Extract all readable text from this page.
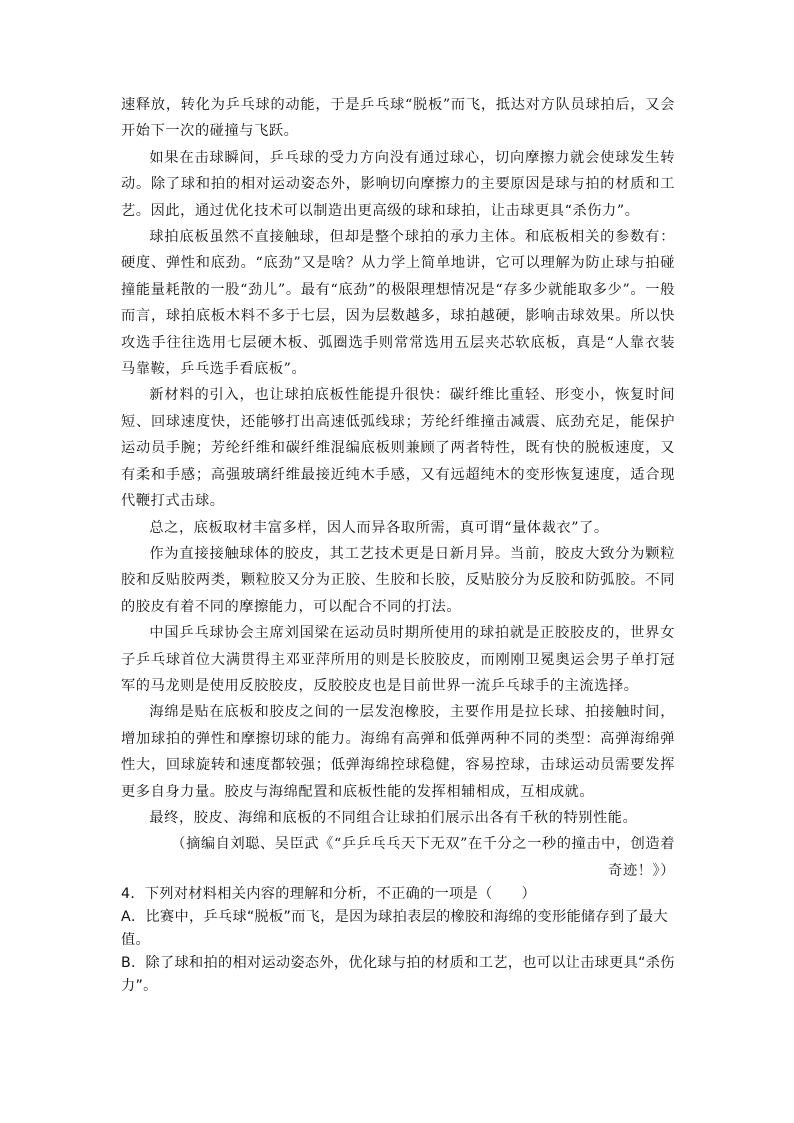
速释放，转化为乒乓球的动能，于是乒乓球“脱板”而飞，抵达对方队员球拍后，又会开始下一次的碰撞与飞跃。

如果在击球瞬间，乒乓球的受力方向没有通过球心，切向摩擦力就会使球发生转动。除了球和拍的相对运动姿态外，影响切向摩擦力的主要原因是球与拍的材质和工艺。因此，通过优化技术可以制造出更高级的球和球拍，让击球更具“杀伤力”。

球拍底板虽然不直接触球，但却是整个球拍的承力主体。和底板相关的参数有：硬度、弹性和底劲。“底劲”又是啥？从力学上简单地讲，它可以理解为防止球与拍碰撞能量耗散的一股“劲儿”。最有“底劲”的极限理想情况是“存多少就能取多少”。一般而言，球拍底板木料不多于七层，因为层数越多，球拍越硬，影响击球效果。所以快攻选手往往选用七层硬木板、弧圈选手则常常选用五层夹芯软底板，真是“人靠衣装马靠鞍，乒乓选手看底板”。

新材料的引入，也让球拍底板性能提升很快：碳纤维比重轻、形变小，恢复时间短、回球速度快，还能够打出高速低弧线球；芳纶纤维撞击减震、底劲充足，能保护运动员手腕；芳纶纤维和碳纤维混编底板则兼顾了两者特性，既有快的脱板速度，又有柔和手感；高强玻璃纤维最接近纯木手感，又有远超纯木的变形恢复速度，适合现代鞭打式击球。

总之，底板取材丰富多样，因人而异各取所需，真可谓“量体裁衣”了。

作为直接接触球体的胶皮，其工艺技术更是日新月异。当前，胶皮大致分为颗粒胶和反贴胶两类，颗粒胶又分为正胶、生胶和长胶，反贴胶分为反胶和防弧胶。不同的胶皮有着不同的摩擦能力，可以配合不同的打法。

中国乒乓球协会主席刘国梁在运动员时期所使用的球拍就是正胶胶皮的，世界女子乒乓球首位大满贯得主邓亚萍所用的则是长胶胶皮，而刚刚卫冕奥运会男子单打冠军的马龙则是使用反胶胶皮，反胶胶皮也是目前世界一流乒乓球手的主流选择。

海绵是贴在底板和胶皮之间的一层发泡橡胶，主要作用是拉长球、拍接触时间，增加球拍的弹性和摩擦切球的能力。海绵有高弹和低弹两种不同的类型：高弹海绵弹性大，回球旋转和速度都较强；低弹海绵控球稳健，容易控球，击球运动员需要发挥更多自身力量。胶皮与海绵配置和底板性能的发挥相辅相成，互相成就。

最终，胶皮、海绵和底板的不同组合让球拍们展示出各有千秋的特别性能。

（摘编自刘聪、吴臣武《“乒乒乓乓天下无双”在千分之一秒的撞击中，创造着奇迹！》）

4．下列对材料相关内容的理解和分析，不正确的一项是（　　）

A．比赛中，乒乓球“脱板”而飞，是因为球拍表层的橡胶和海绵的变形能储存到了最大值。

B．除了球和拍的相对运动姿态外，优化球与拍的材质和工艺，也可以让击球更具“杀伤力”。
